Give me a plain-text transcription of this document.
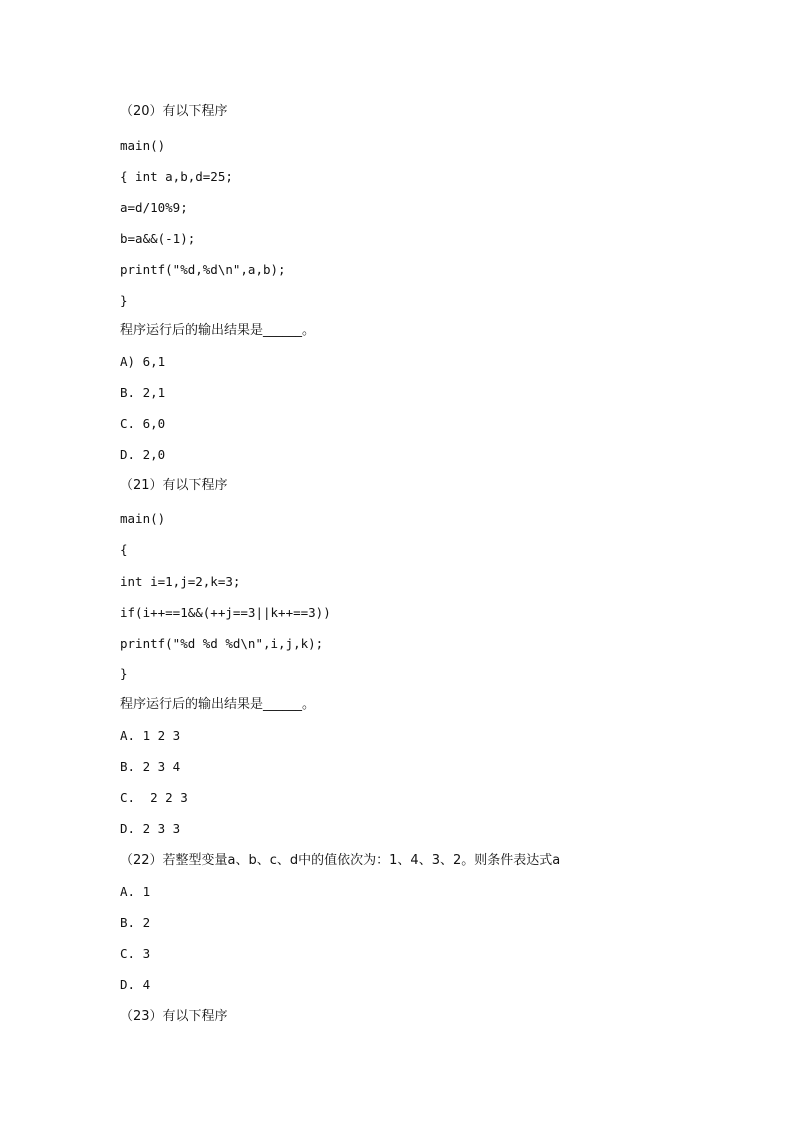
（20）有以下程序
main()
{ int a,b,d=25;
a=d/10%9;
b=a&&(-1);
printf("%d,%d\n",a,b);
}
程序运行后的输出结果是______。
A) 6,1
B. 2,1
C. 6,0
D. 2,0
（21）有以下程序
main()
{
int i=1,j=2,k=3;
if(i++==1&&(++j==3||k++==3))
printf("%d %d %d\n",i,j,k);
}
程序运行后的输出结果是______。
A. 1 2 3
B. 2 3 4
C.  2 2 3
D. 2 3 3
（22）若整型变量a、b、c、d中的值依次为：1、4、3、2。则条件表达式a
A. 1
B. 2
C. 3
D. 4
（23）有以下程序
